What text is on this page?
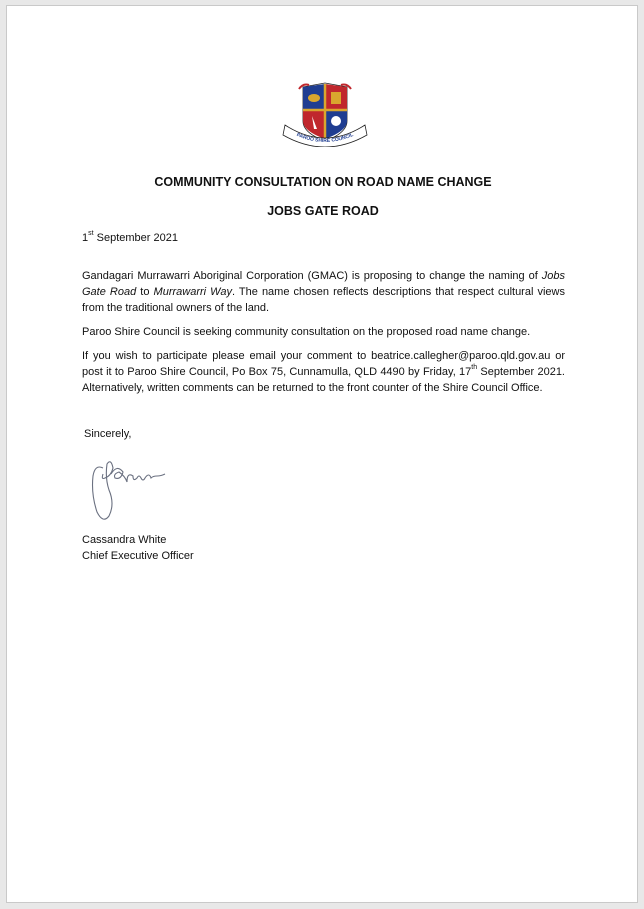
PAROO SHIRE COUNCIL
COMMUNITY CONSULTATION ON ROAD NAME CHANGE
JOBS GATE ROAD
1st September 2021
Gandagari Murrawarri Aboriginal Corporation (GMAC) is proposing to change the naming of Jobs Gate Road to Murrawarri Way. The name chosen reflects descriptions that respect cultural views from the traditional owners of the land.
Paroo Shire Council is seeking community consultation on the proposed road name change.
If you wish to participate please email your comment to beatrice.callegher@paroo.qld.gov.au or post it to Paroo Shire Council, Po Box 75, Cunnamulla, QLD 4490 by Friday, 17th September 2021. Alternatively, written comments can be returned to the front counter of the Shire Council Office.
Sincerely,
Cassandra White
Chief Executive Officer
